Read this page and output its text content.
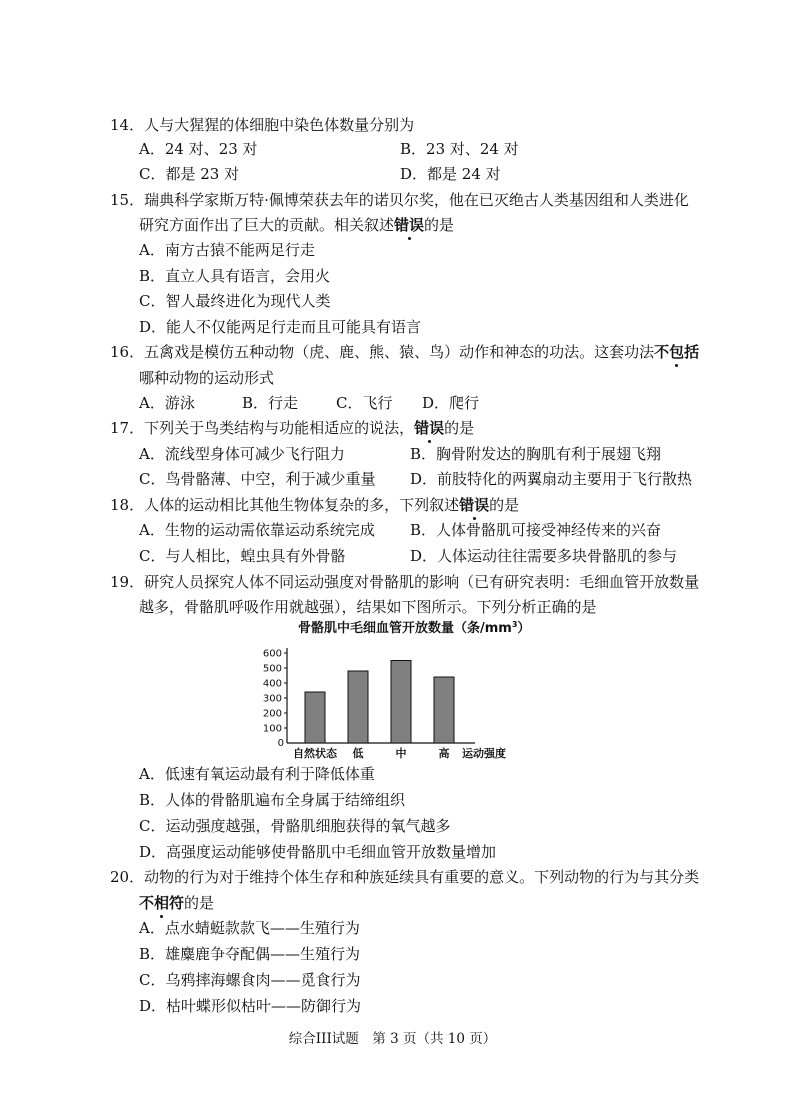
14．人与大猩猩的体细胞中染色体数量分别为
A．24 对、23 对	B．23 对、24 对
C．都是 23 对	D．都是 24 对
15．瑞典科学家斯万特·佩博荣获去年的诺贝尔奖，他在已灭绝古人类基因组和人类进化
研究方面作出了巨大的贡献。相关叙述错误的是
A．南方古猿不能两足行走
B．直立人具有语言，会用火
C．智人最终进化为现代人类
D．能人不仅能两足行走而且可能具有语言
16．五禽戏是模仿五种动物（虎、鹿、熊、猿、鸟）动作和神态的功法。这套功法不包括
哪种动物的运动形式
A．游泳	B．行走	C．飞行 D．爬行
17．下列关于鸟类结构与功能相适应的说法，错误的是
A．流线型身体可减少飞行阻力	B．胸骨附发达的胸肌有利于展翅飞翔
C．鸟骨骼薄、中空，利于减少重量 D．前肢特化的两翼扇动主要用于飞行散热
18．人体的运动相比其他生物体复杂的多，下列叙述错误的是
A．生物的运动需依靠运动系统完成 B．人体骨骼肌可接受神经传来的兴奋
C．与人相比，蝗虫具有外骨骼	D．人体运动往往需要多块骨骼肌的参与
19．研究人员探究人体不同运动强度对骨骼肌的影响（已有研究表明：毛细血管开放数量
越多，骨骼肌呼吸作用就越强），结果如下图所示。下列分析正确的是
骨骼肌中毛细血管开放数量（条$/mm^3$）
0
100
200
300
400
500
600
自然状态 低	中	高 运动强度
A．低速有氧运动最有利于降低体重
B．人体的骨骼肌遍布全身属于结缔组织
C．运动强度越强，骨骼肌细胞获得的氧气越多
D．高强度运动能够使骨骼肌中毛细血管开放数量增加
20．动物的行为对于维持个体生存和种族延续具有重要的意义。下列动物的行为与其分类
不相符的是
A．点水蜻蜓款款飞——生殖行为
B．雄麋鹿争夺配偶——生殖行为
C．乌鸦摔海螺食肉——觅食行为
D．枯叶蝶形似枯叶——防御行为
综合III试题　第 3 页（共 10 页）
